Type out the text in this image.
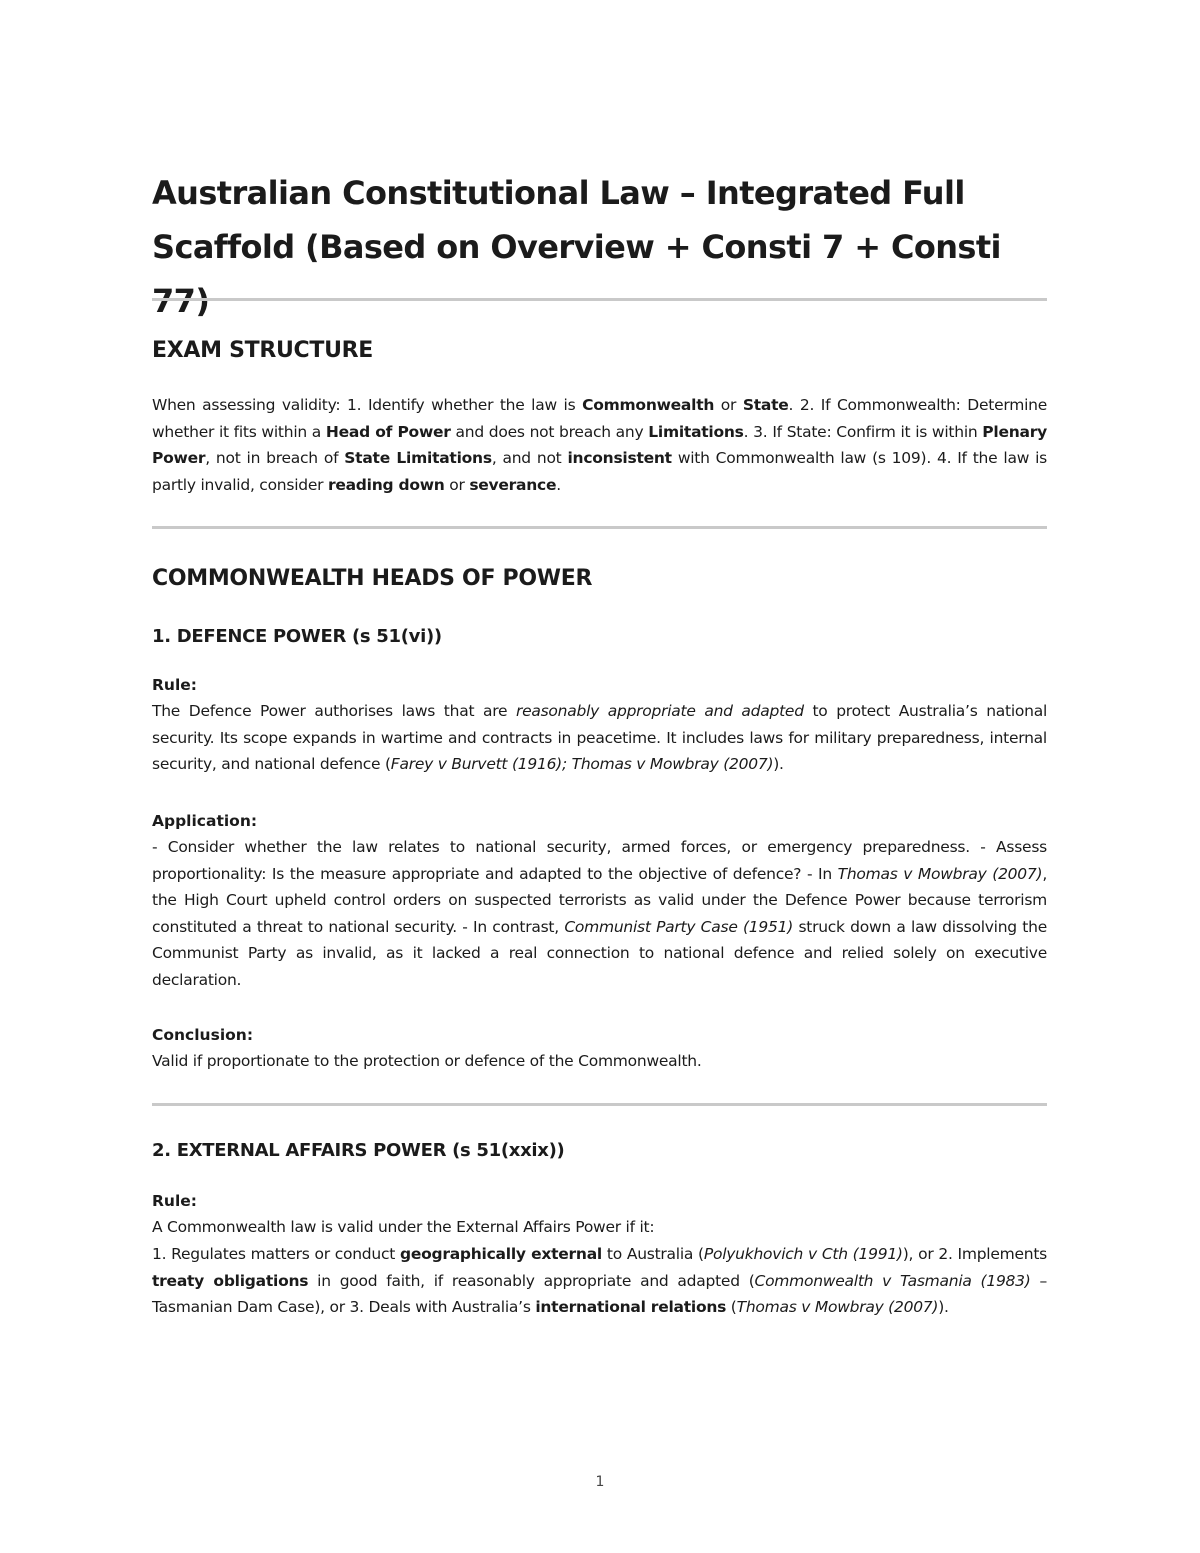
Australian Constitutional Law – Integrated Full Scaffold (Based on Overview + Consti 7 + Consti 77)
EXAM STRUCTURE

When assessing validity: 1. Identify whether the law is Commonwealth or State. 2. If Commonwealth: Determine whether it fits within a Head of Power and does not breach any Limitations. 3. If State: Confirm it is within Plenary Power, not in breach of State Limitations, and not inconsistent with Commonwealth law (s 109). 4. If the law is partly invalid, consider reading down or severance.

COMMONWEALTH HEADS OF POWER
1. DEFENCE POWER (s 51(vi))

Rule:

The Defence Power authorises laws that are reasonably appropriate and adapted to protect Australia’s national security. Its scope expands in wartime and contracts in peacetime. It includes laws for military preparedness, internal security, and national defence (Farey v Burvett (1916); Thomas v Mowbray (2007)).

Application:

- Consider whether the law relates to national security, armed forces, or emergency preparedness. - Assess proportionality: Is the measure appropriate and adapted to the objective of defence? - In Thomas v Mowbray (2007), the High Court upheld control orders on suspected terrorists as valid under the Defence Power because terrorism constituted a threat to national security. - In contrast, Communist Party Case (1951) struck down a law dissolving the Communist Party as invalid, as it lacked a real connection to national defence and relied solely on executive declaration.

Conclusion:

Valid if proportionate to the protection or defence of the Commonwealth.

2. EXTERNAL AFFAIRS POWER (s 51(xxix))

Rule:

A Commonwealth law is valid under the External Affairs Power if it:

1. Regulates matters or conduct geographically external to Australia (Polyukhovich v Cth (1991)), or 2. Implements treaty obligations in good faith, if reasonably appropriate and adapted (Commonwealth v Tasmania (1983) – Tasmanian Dam Case), or 3. Deals with Australia’s international relations (Thomas v Mowbray (2007)).

1
